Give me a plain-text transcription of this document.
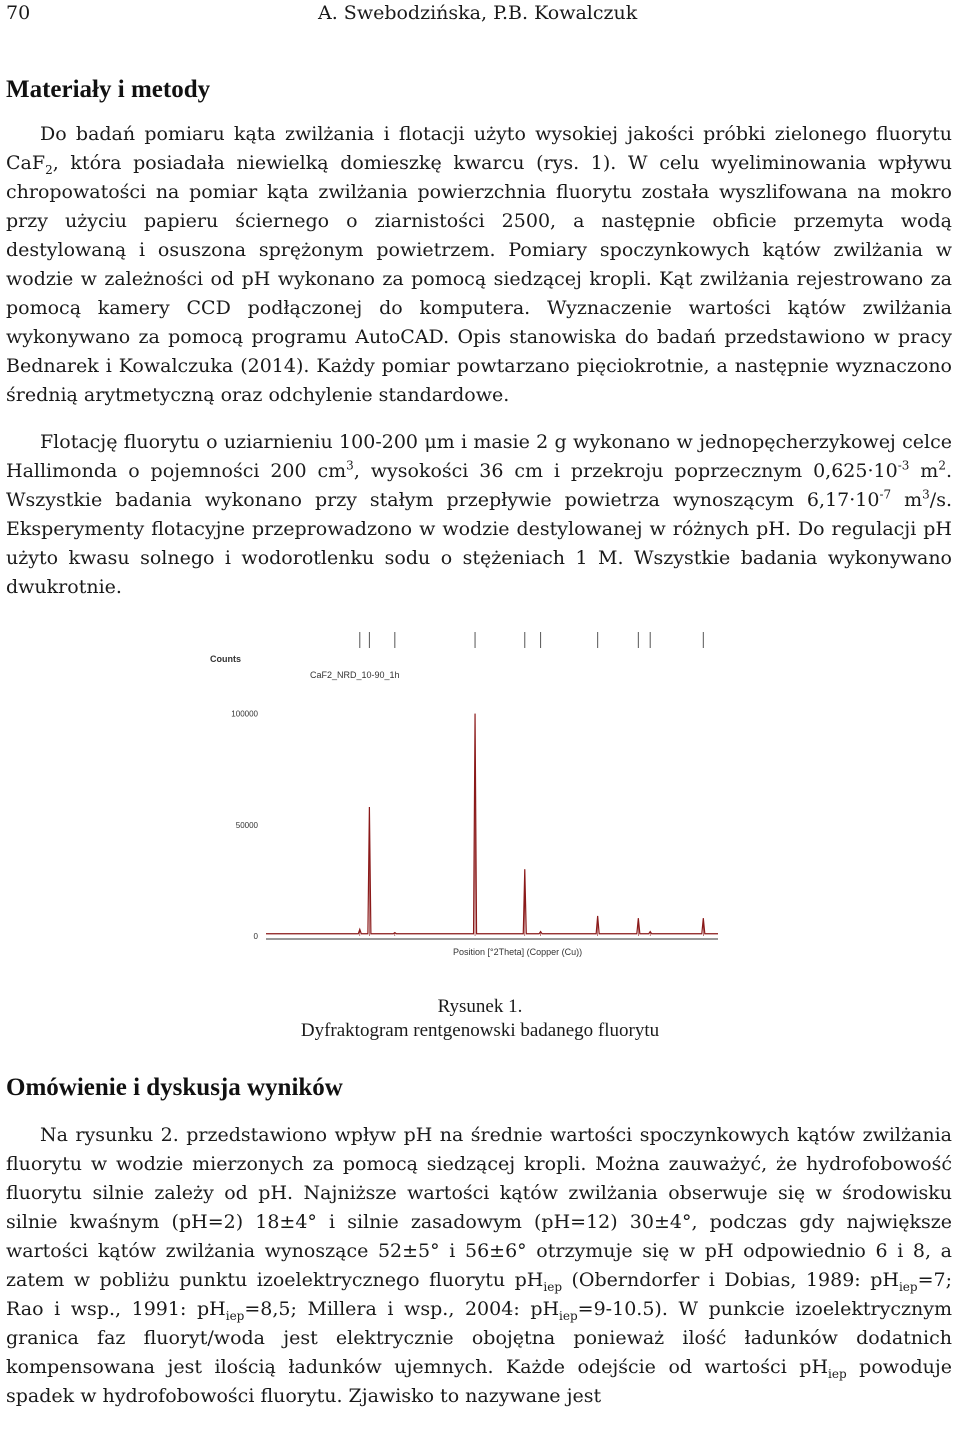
70	A. Swebodzińska, P.B. Kowalczuk
Materiały i metody

Do badań pomiaru kąta zwilżania i flotacji użyto wysokiej jakości próbki zielonego fluorytu CaF$_2$, która posiadała niewielką domieszkę kwarcu (rys. 1). W celu wyeliminowania wpływu chropowatości na pomiar kąta zwilżania powierzchnia fluorytu została wyszlifowana na mokro przy użyciu papieru ściernego o ziarnistości 2500, a następnie obficie przemyta wodą destylowaną i osuszona sprężonym powietrzem. Pomiary spoczynkowych kątów zwilżania w wodzie w zależności od pH wykonano za pomocą siedzącej kropli. Kąt zwilżania rejestrowano za pomocą kamery CCD podłączonej do komputera. Wyznaczenie wartości kątów zwilżania wykonywano za pomocą programu AutoCAD. Opis stanowiska do badań przedstawiono w pracy Bednarek i Kowalczuka (2014). Każdy pomiar powtarzano pięciokrotnie, a następnie wyznaczono średnią arytmetyczną oraz odchylenie standardowe.

Flotację fluorytu o uziarnieniu 100-200 μm i masie 2 g wykonano w jednopęcherzykowej celce Hallimonda o pojemności 200 $cm^3$, wysokości 36 cm i przekroju poprzecznym $0,625\cdot 10^{-3}$ $m^2$. Wszystkie badania wykonano przy stałym przepływie powietrza wynoszącym $6,17\cdot 10^{-7}$ $m^3/s$. Eksperymenty flotacyjne przeprowadzono w wodzie destylowanej w różnych pH. Do regulacji pH użyto kwasu solnego i wodorotlenku sodu o stężeniach 1 M. Wszystkie badania wykonywano dwukrotnie.

Counts
CaF2_NRD_10-90_1h
100000
50000
0
Position [°2Theta] (Copper (Cu))
Rysunek 1.
Dyfraktogram rentgenowski badanego fluorytu
Omówienie i dyskusja wyników

Na rysunku 2. przedstawiono wpływ pH na średnie wartości spoczynkowych kątów zwilżania fluorytu w wodzie mierzonych za pomocą siedzącej kropli. Można zauważyć, że hydrofobowość fluorytu silnie zależy od pH. Najniższe wartości kątów zwilżania obserwuje się w środowisku silnie kwaśnym (pH=2) 18±4° i silnie zasadowym (pH=12) 30±4°, podczas gdy największe wartości kątów zwilżania wynoszące 52±5° i 56±6° otrzymuje się w pH odpowiednio 6 i 8, a zatem w pobliżu punktu izoelektrycznego fluorytu $pH_{iep}$ (Oberndorfer i Dobias, 1989: $pH_{iep}=7$; Rao i wsp., 1991: $pH_{iep}=8,5$; Millera i wsp., 2004: $pH_{iep}=9-10.5$). W punkcie izoelektrycznym granica faz fluoryt/woda jest elektrycznie obojętna ponieważ ilość ładunków dodatnich kompensowana jest ilością ładunków ujemnych. Każde odejście od wartości $pH_{iep}$ powoduje spadek w hydrofobowości fluorytu. Zjawisko to nazywane jest
